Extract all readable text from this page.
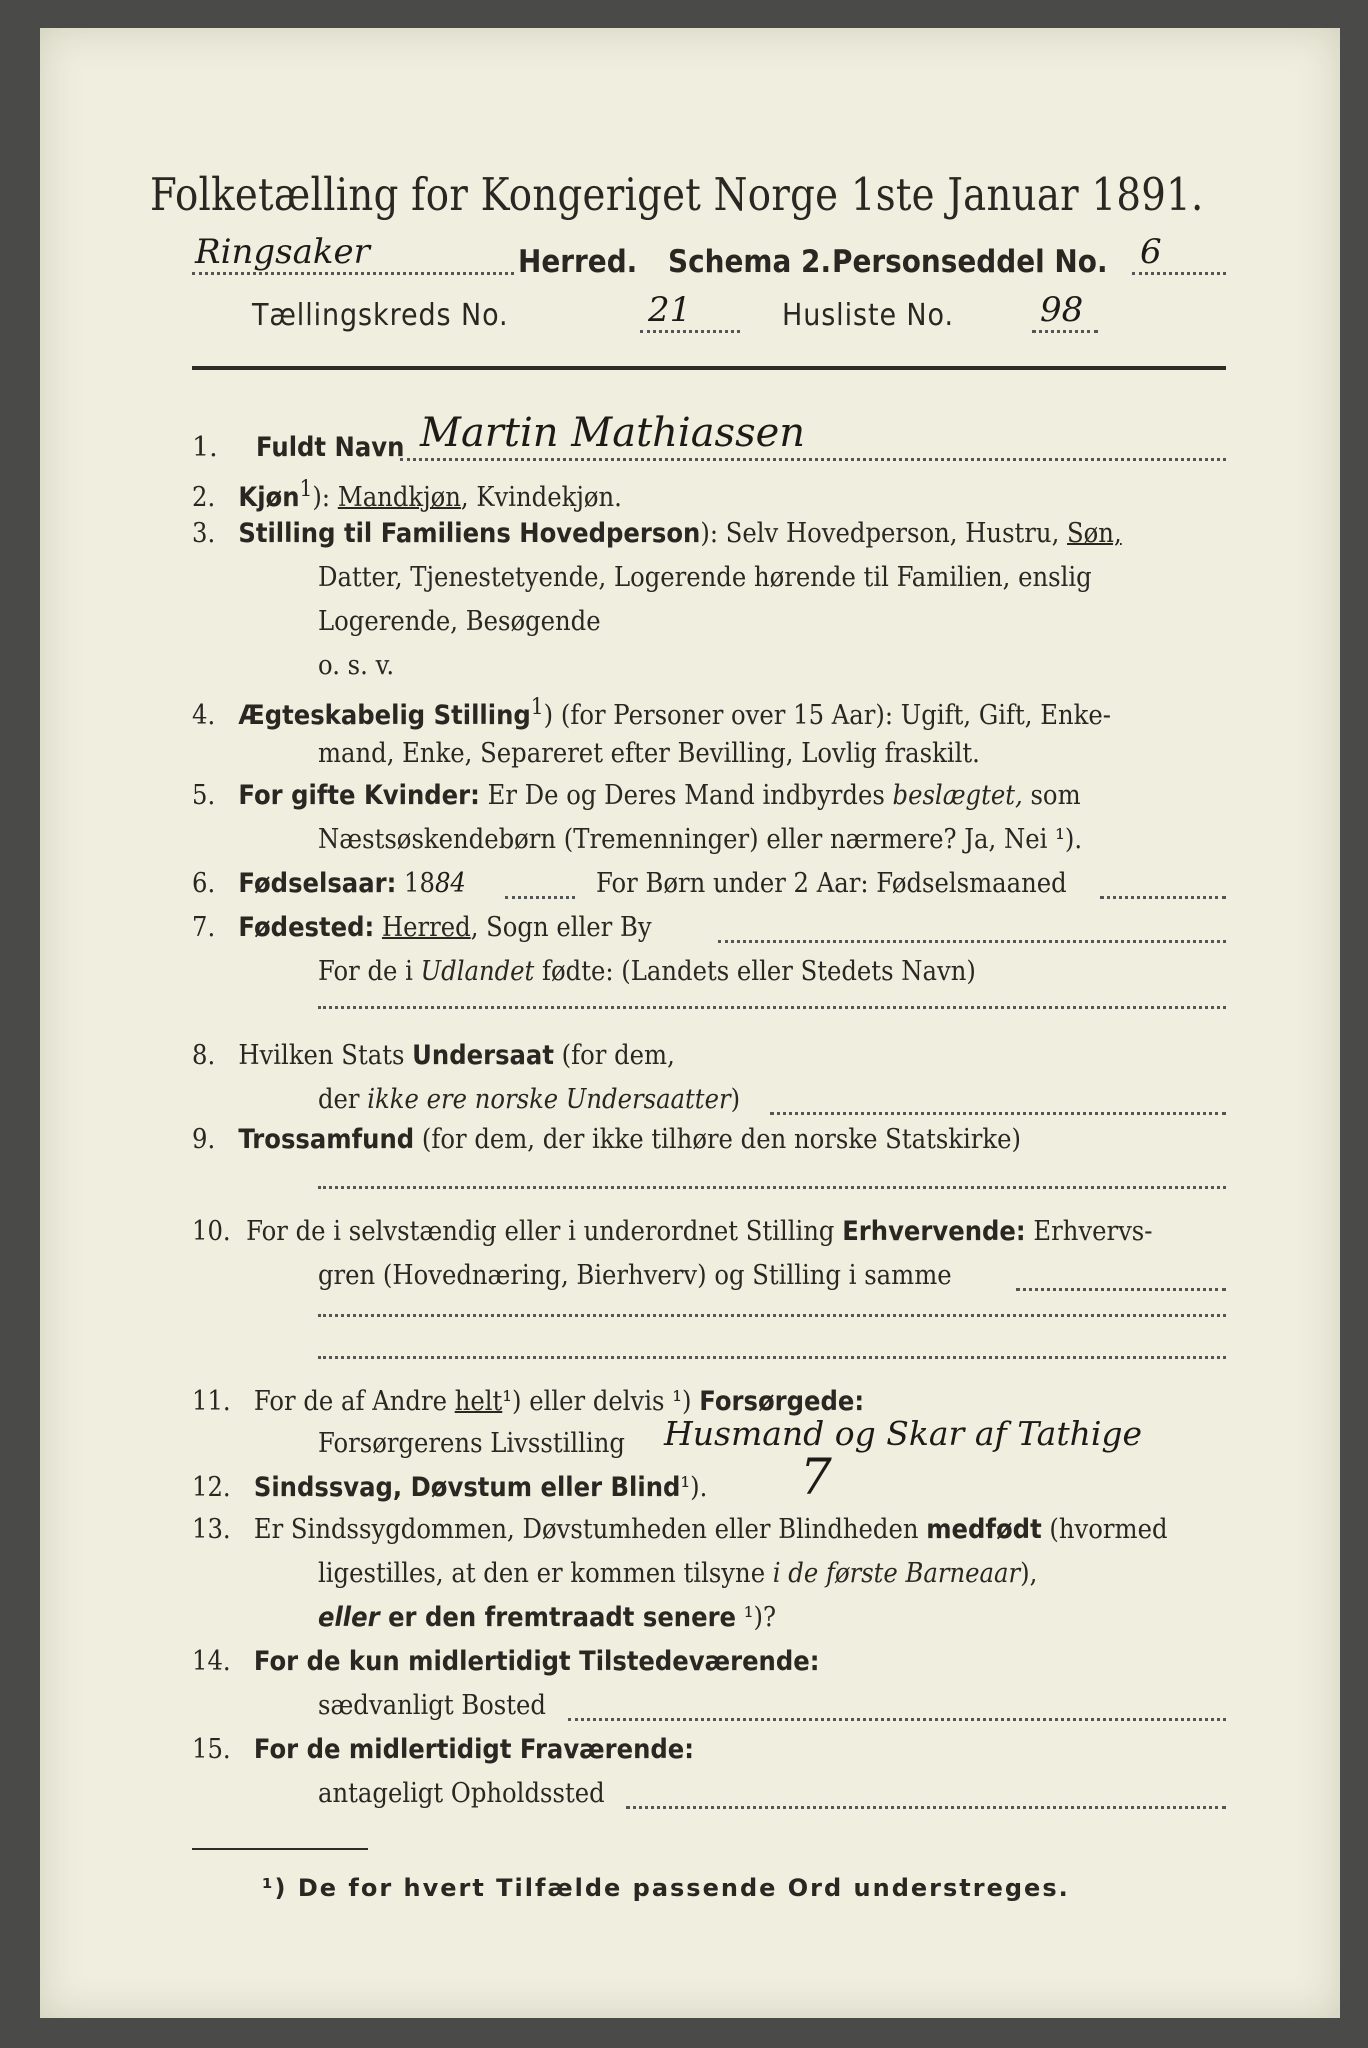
Folketælling for Kongeriget Norge 1ste Januar 1891.
Ringsaker	Herred. Schema 2. Personseddel No. 6
Tællingskreds No.	21	Husliste No.	98
1.	Fuldt Navn Martin Mathiassen
2. Kjøn$^1$): Mandkjøn, Kvindekjøn.
3. Stilling til Familiens Hovedperson): Selv Hovedperson, Hustru, Søn,
Datter, Tjenestetyende, Logerende hørende til Familien, enslig
Logerende, Besøgende
o. s. v.
4. Ægteskabelig Stilling$^1$) (for Personer over 15 Aar): Ugift, Gift, Enke-
mand, Enke, Separeret efter Bevilling, Lovlig fraskilt.
5. For gifte Kvinder: Er De og Deres Mand indbyrdes beslægtet, som
Næstsøskendebørn (Tremenninger) eller nærmere? Ja, Nei ¹).
6. Fødselsaar: 1884	For Børn under 2 Aar: Fødselsmaaned
7. Fødested: Herred, Sogn eller By
For de i Udlandet fødte: (Landets eller Stedets Navn)
8. Hvilken Stats Undersaat (for dem,
der ikke ere norske Undersaatter)
9. Trossamfund (for dem, der ikke tilhøre den norske Statskirke)
10. For de i selvstændig eller i underordnet Stilling Erhvervende: Erhvervs-
gren (Hovednæring, Bierhverv) og Stilling i samme
11. For de af Andre helt¹) eller delvis ¹) Forsørgede:
Forsørgerens Livsstilling Husmand og Skar af Tathige
12. Sindssvag, Døvstum eller Blind¹). 7
13. Er Sindssygdommen, Døvstumheden eller Blindheden medfødt (hvormed
ligestilles, at den er kommen tilsyne i de første Barneaar),
eller er den fremtraadt senere ¹)?
14. For de kun midlertidigt Tilstedeværende:
sædvanligt Bosted
15. For de midlertidigt Fraværende:
antageligt Opholdssted
¹) De for hvert Tilfælde passende Ord understreges.
